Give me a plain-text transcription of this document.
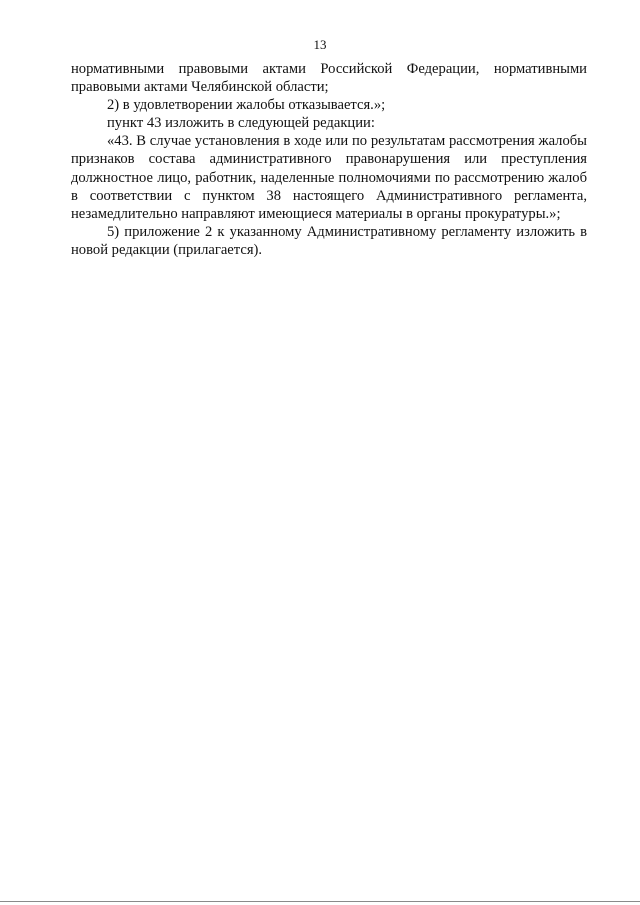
13

нормативными правовыми актами Российской Федерации, нормативными правовыми актами Челябинской области;

2) в удовлетворении жалобы отказывается.»;

пункт 43 изложить в следующей редакции:

«43. В случае установления в ходе или по результатам рассмотрения жалобы признаков состава административного правонарушения или преступления должностное лицо, работник, наделенные полномочиями по рассмотрению жалоб в соответствии с пунктом 38 настоящего Административного регламента, незамедлительно направляют имеющиеся материалы в органы прокуратуры.»;

5) приложение 2 к указанному Административному регламенту изложить в новой редакции (прилагается).
